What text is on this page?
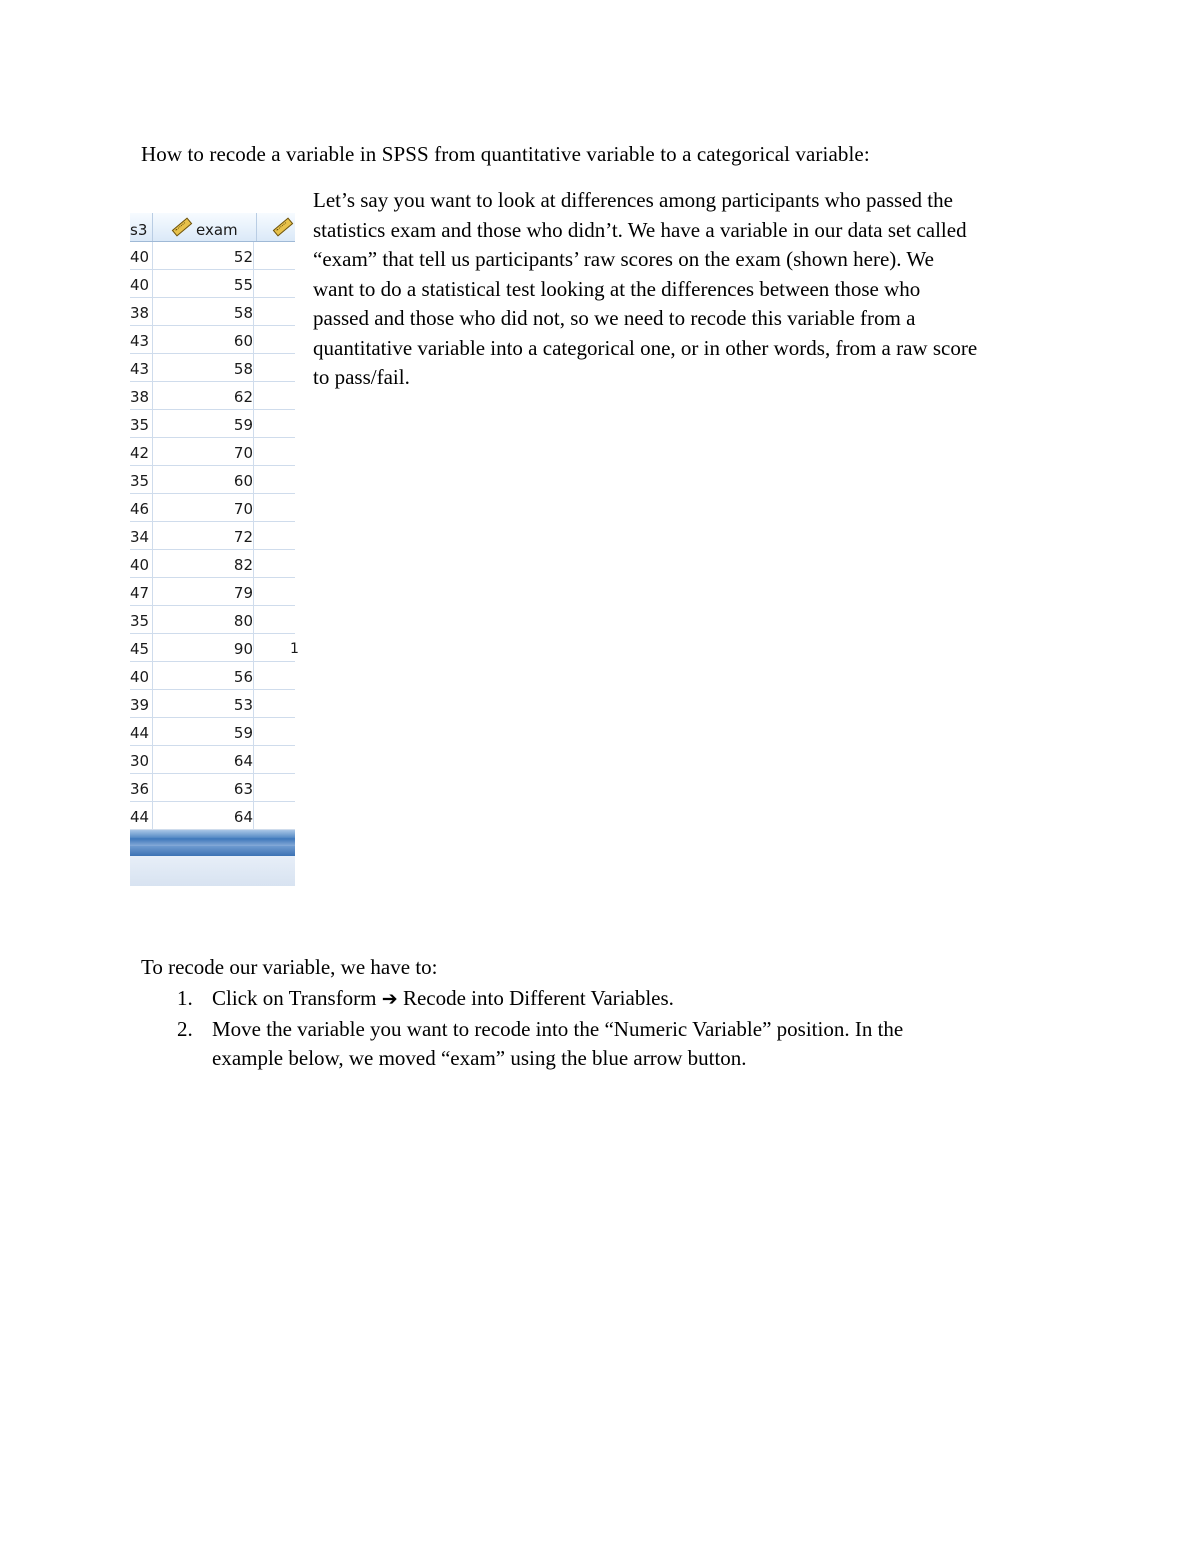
How to recode a variable in SPSS from quantitative variable to a categorical variable:
s3	exam
40	52
40	55
38	58
43	60
43	58
38	62
35	59
42	70
35	60
46	70
34	72
40	82
47	79
35	80
45	90	1
40	56
39	53
44	59
30	64
36	63
44	64
Let’s say you want to look at differences among participants who passed the
statistics exam and those who didn’t. We have a variable in our data set called
“exam” that tell us participants’ raw scores on the exam (shown here). We
want to do a statistical test looking at the differences between those who
passed and those who did not, so we need to recode this variable from a
quantitative variable into a categorical one, or in other words, from a raw score
to pass/fail.
To recode our variable, we have to:
1. Click on Transform ➔ Recode into Different Variables.
2. Move the variable you want to recode into the “Numeric Variable” position. In the
example below, we moved “exam” using the blue arrow button.
